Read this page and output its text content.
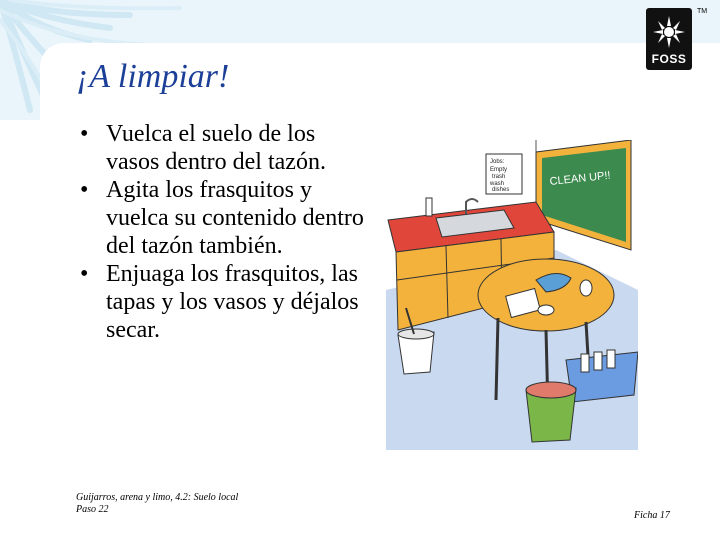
FOSS
TM
¡A limpiar!
• Vuelca el suelo de los vasos dentro del tazón.
• Agita los frasquitos y vuelca su contenido dentro del tazón también.
• Enjuaga los frasquitos, las tapas y los vasos y déjalos secar.
CLEAN UP!!
Jobs:
Empty
trash
wash
dishes
Guijarros, arena y limo, 4.2: Suelo local
Paso 22
Ficha 17
